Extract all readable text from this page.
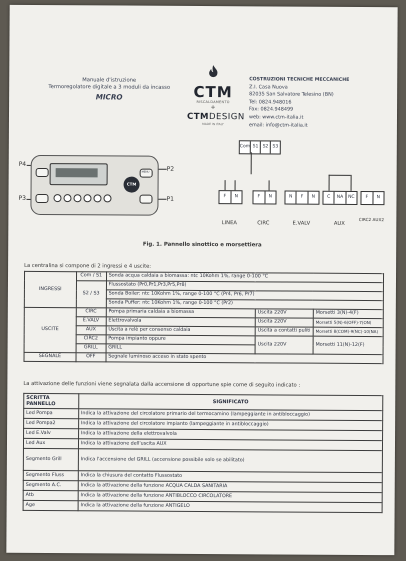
Manuale d'istruzione
Termoregolatore digitale a 3 moduli da incasso
MICRO	CTM
RISCALDAMENTO
+
CTMDESIGN
MADE IN ITALY
COSTRUZIONI TECNICHE MECCANICHE
Z.I. Casa Nuova
82035 San Salvatore Telesino (BN)
Tel: 0824.948016
Fax: 0824.948499
web: www.ctm-italia.it
email: info@ctm-italia.it
P4
P3
P2
P1
MENU
CTM
Com S1 S2 S3
F	N	F	N	N	F	N	C	NA	NC	F	N
LINEA	CIRC	E.VALV	AUX
CIRC2 AUX2
Fig. 1. Pannello sinottico e morsettiera
La centralina si compone di 2 ingressi e 4 uscite:
INGRESSI	Com / S1	Sonda acqua caldaia a biomassa: ntc 10Kohm 1%, range 0-100 °C		
	S2 / S3	Flussostato (Pr0,Pr1,Pr3,Pr5,Pr8)		
		Sonda Boiler: ntc 10Kohm 1%, range 0-100 °C (Pr4, Pr6, Pr7)		
		Sonda Puffer: ntc 10Kohm 1%, range 0-100 °C (Pr2)		
USCITE	CIRC	Pompa primaria caldaia a biomassa	Uscita 220V	Morsetti 3(N)-4(F)
	E.VALV	Elettrovalvola	Uscita 220V	Morsetti 5(N)-6(OFF)-7(ON)
	AUX	Uscita a relè per consenso caldaia	Uscita a contatti puliti	Morsetti 8(COM)-9(NC)-10(NA)
	CIRC2	Pompa impianto oppure	Uscita 220V	Morsetti 11(N)-12(F)
	GRILL	GRILL		
SEGNALE	OFF	Segnale luminoso acceso in stato spento		
La attivazione delle funzioni viene segnalata dalla accensione di opportune spie come di seguito indicato :
SCRITTA
PANNELLO	SIGNIFICATO
Led Pompa	Indica la attivazione del circolatore primario del termocamino (lampeggiante in antibloccaggio)
Led Pompa2	Indica la attivazione del circolatore impianto (lampeggiante in antibloccaggio)
Led E.Valv	Indica la attivazione della elettrovalvola
Led Aux	Indica la attivazione dell'uscita AUX
Segmento Grill	Indica l'accensione del GRILL (accensione possibile solo se abilitato)
Segmento Fluss	Indica la chiusura del contatto Flussostato
Segmento A.C.	Indica la attivazione della funzione ACQUA CALDA SANITARIA
Atb	Indica la attivazione della funzione ANTIBLOCCO CIRCOLATORE
Age	Indica la attivazione della funzione ANTIGELO
